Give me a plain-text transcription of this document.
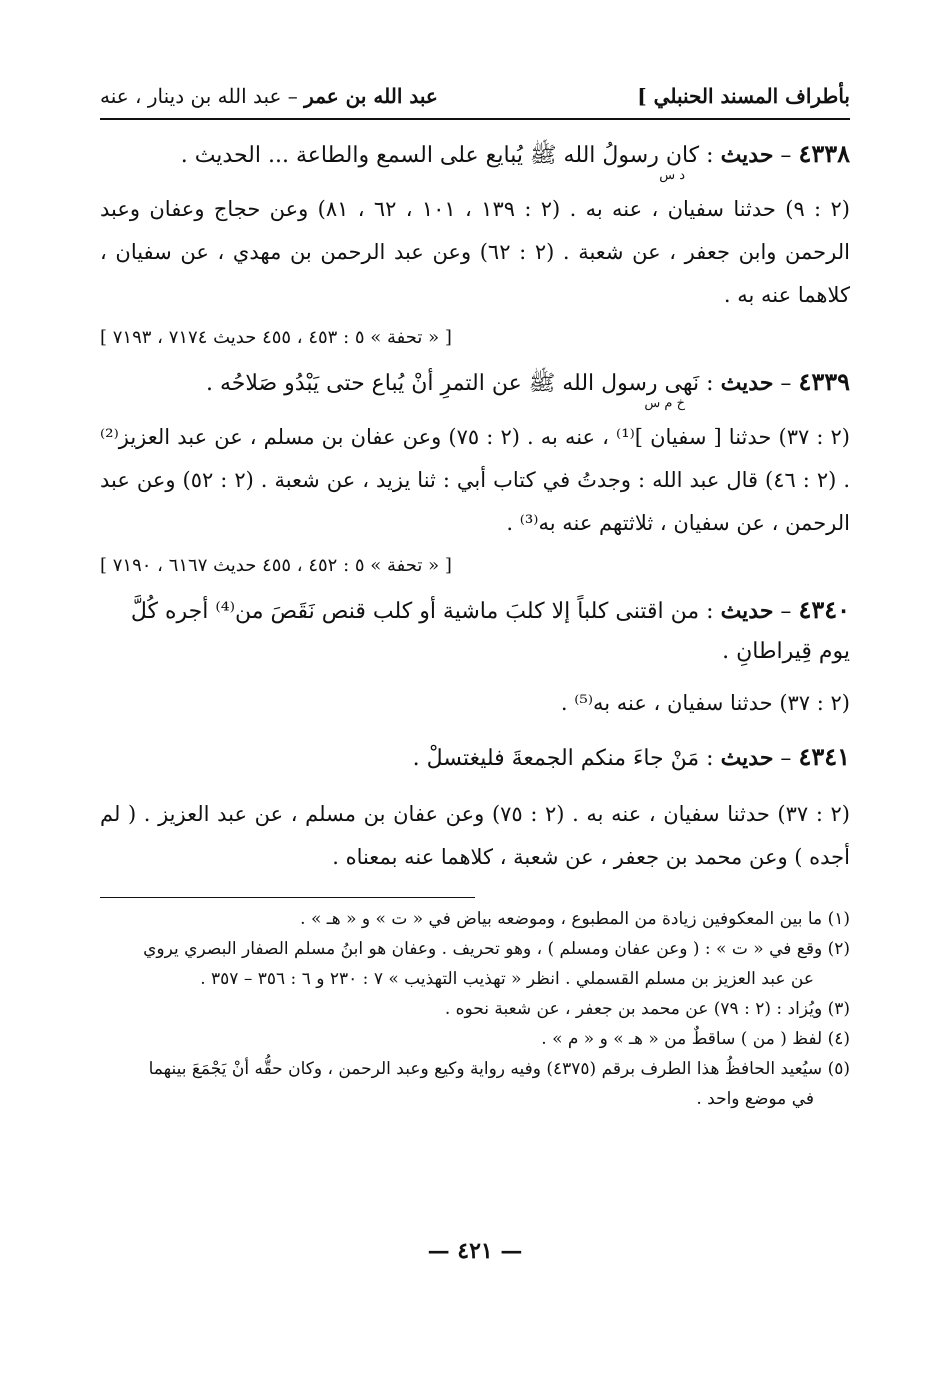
بأطراف المسند الحنبلي ]
عبد الله بن عمر – عبد الله بن دينار ، عنه
٤٣٣٨ – حديث : كان رسولُ الله ﷺ يُبايع على السمع والطاعة ... الحديث .
د س
(٢ : ٩) حدثنا سفيان ، عنه به . (٢ : ١٣٩ ، ١٠١ ، ٦٢ ، ٨١) وعن حجاج وعفان وعبد الرحمن وابن جعفر ، عن شعبة . (٢ : ٦٢) وعن عبد الرحمن بن مهدي ، عن سفيان ، كلاهما عنه به .
[ « تحفة » ٥ : ٤٥٣ ، ٤٥٥ حديث ٧١٧٤ ، ٧١٩٣ ]
٤٣٣٩ – حديث : نَهى رسول الله ﷺ عن التمرِ أنْ يُباع حتى يَبْدُو صَلاحُه .
خ م س
(٢ : ٣٧) حدثنا [ سفيان ]⁽¹⁾ ، عنه به . (٢ : ٧٥) وعن عفان بن مسلم ، عن عبد العزيز⁽²⁾ . (٢ : ٤٦) قال عبد الله : وجدتُ في كتاب أبي : ثنا يزيد ، عن شعبة . (٢ : ٥٢) وعن عبد الرحمن ، عن سفيان ، ثلاثتهم عنه به⁽³⁾ .
[ « تحفة » ٥ : ٤٥٢ ، ٤٥٥ حديث ٦١٦٧ ، ٧١٩٠ ]
٤٣٤٠ – حديث : من اقتنى كلباً إلا كلبَ ماشية أو كلب قنص نَقَصَ من⁽⁴⁾ أجره كُلَّ يوم قِيراطانِ .
(٢ : ٣٧) حدثنا سفيان ، عنه به⁽⁵⁾ .
٤٣٤١ – حديث : مَنْ جاءَ منكم الجمعةَ فليغتسلْ .
(٢ : ٣٧) حدثنا سفيان ، عنه به . (٢ : ٧٥) وعن عفان بن مسلم ، عن عبد العزيز . ( لم أجده ) وعن محمد بن جعفر ، عن شعبة ، كلاهما عنه بمعناه .
(١) ما بين المعكوفين زيادة من المطبوع ، وموضعه بياض في « ت » و « هـ » .
(٢) وقع في « ت » : ( وعن عفان ومسلم ) ، وهو تحريف . وعفان هو ابنُ مسلم الصفار البصري يروي
عن عبد العزيز بن مسلم القسملي . انظر « تهذيب التهذيب » ٧ : ٢٣٠ و ٦ : ٣٥٦ – ٣٥٧ .
(٣) ويُزاد : (٢ : ٧٩) عن محمد بن جعفر ، عن شعبة نحوه .
(٤) لفظ ( من ) ساقطٌ من « هـ » و « م » .
(٥) سيُعيد الحافظُ هذا الطرف برقم (٤٣٧٥) وفيه رواية وكيع وعبد الرحمن ، وكان حقُّه أنْ يَجْمَعَ بينهما
في موضع واحد .
— ٤٢١ —
